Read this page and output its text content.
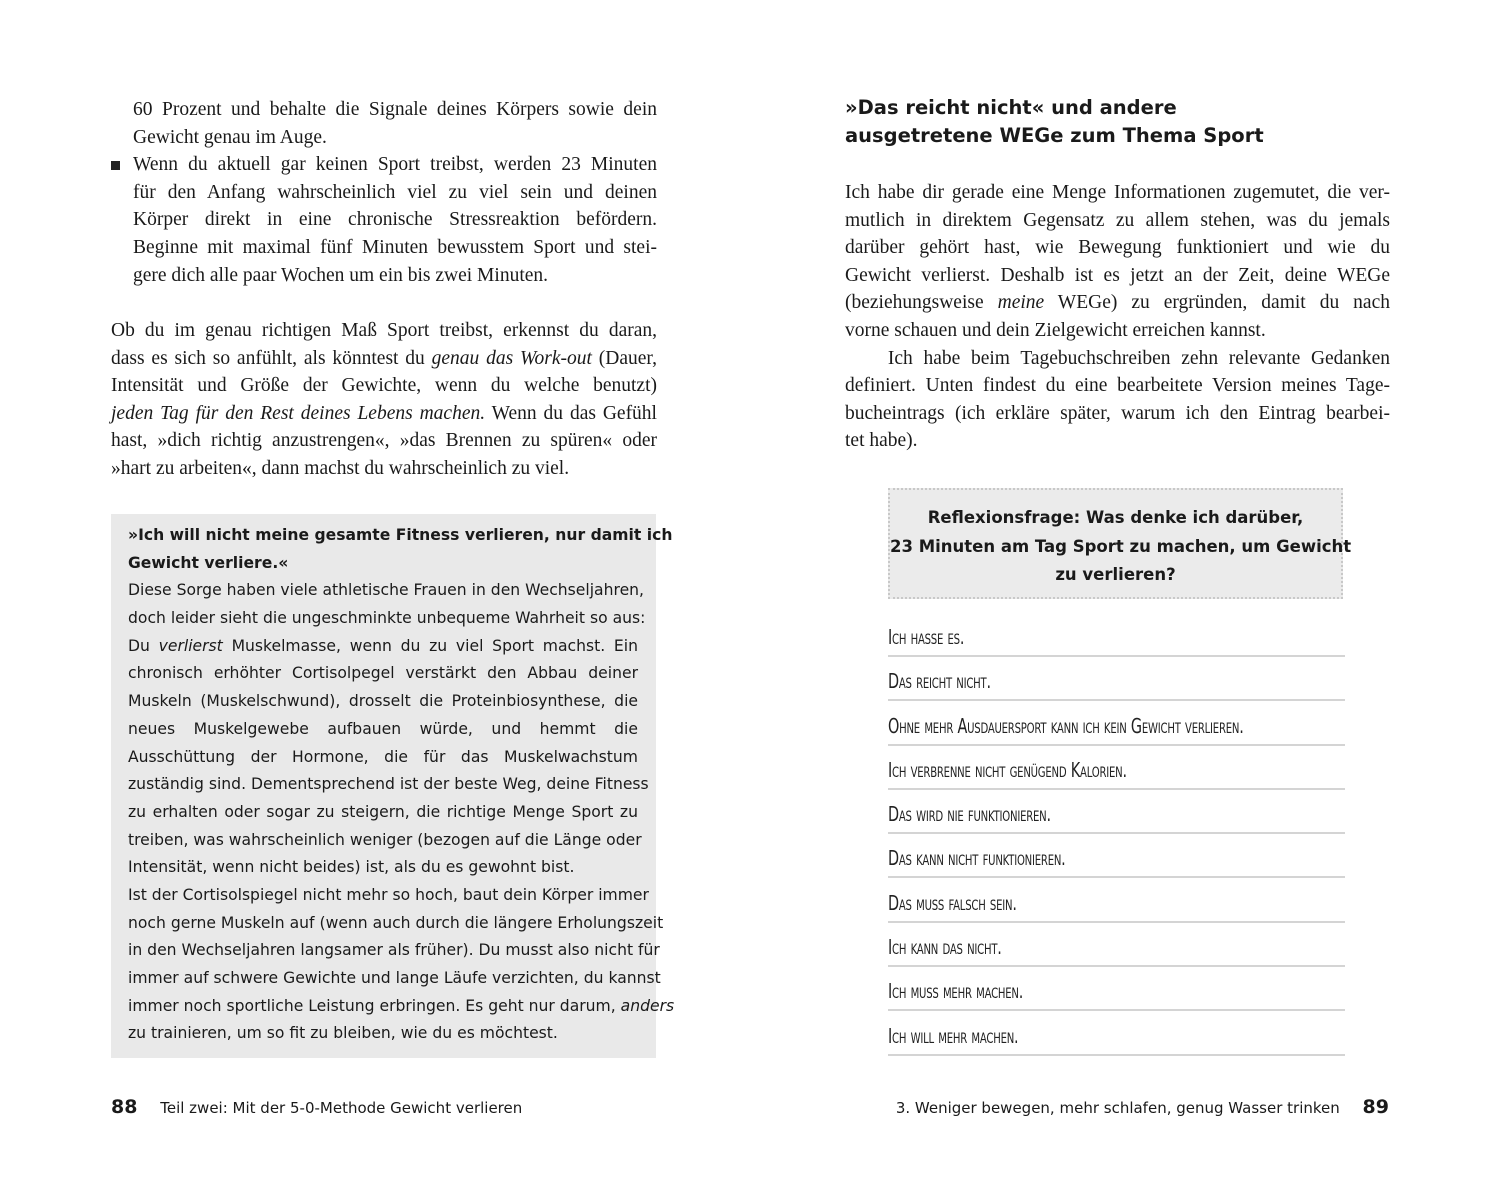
60 Prozent und behalte die Signale deines Körpers sowie dein
Gewicht genau im Auge.
Wenn du aktuell gar keinen Sport treibst, werden 23 Minuten
für den Anfang wahrscheinlich viel zu viel sein und deinen
Körper direkt in eine chronische Stressreaktion befördern.
Beginne mit maximal fünf Minuten bewusstem Sport und stei-
gere dich alle paar Wochen um ein bis zwei Minuten.
Ob du im genau richtigen Maß Sport treibst, erkennst du daran,
dass es sich so anfühlt, als könntest du genau das Work-out (Dauer,
Intensität und Größe der Gewichte, wenn du welche benutzt)
jeden Tag für den Rest deines Lebens machen. Wenn du das Gefühl
hast, »dich richtig anzustrengen«, »das Brennen zu spüren« oder
»hart zu arbeiten«, dann machst du wahrscheinlich zu viel.
»Ich will nicht meine gesamte Fitness verlieren, nur damit ich
Gewicht verliere.«
Diese Sorge haben viele athletische Frauen in den Wechseljahren,
doch leider sieht die ungeschminkte unbequeme Wahrheit so aus:
Du verlierst Muskelmasse, wenn du zu viel Sport machst. Ein
chronisch erhöhter Cortisolpegel verstärkt den Abbau deiner
Muskeln (Muskelschwund), drosselt die Proteinbiosynthese, die
neues Muskelgewebe aufbauen würde, und hemmt die
Ausschüttung der Hormone, die für das Muskelwachstum
zuständig sind. Dementsprechend ist der beste Weg, deine Fitness
zu erhalten oder sogar zu steigern, die richtige Menge Sport zu
treiben, was wahrscheinlich weniger (bezogen auf die Länge oder
Intensität, wenn nicht beides) ist, als du es gewohnt bist.
Ist der Cortisolspiegel nicht mehr so hoch, baut dein Körper immer
noch gerne Muskeln auf (wenn auch durch die längere Erholungszeit
in den Wechseljahren langsamer als früher). Du musst also nicht für
immer auf schwere Gewichte und lange Läufe verzichten, du kannst
immer noch sportliche Leistung erbringen. Es geht nur darum, anders
zu trainieren, um so fit zu bleiben, wie du es möchtest.
88 Teil zwei: Mit der 5-0-Methode Gewicht verlieren
»Das reicht nicht« und andere
ausgetretene WEGe zum Thema Sport
Ich habe dir gerade eine Menge Informationen zugemutet, die ver-
mutlich in direktem Gegensatz zu allem stehen, was du jemals
darüber gehört hast, wie Bewegung funktioniert und wie du
Gewicht verlierst. Deshalb ist es jetzt an der Zeit, deine WEGe
(beziehungsweise meine WEGe) zu ergründen, damit du nach
vorne schauen und dein Zielgewicht erreichen kannst.
Ich habe beim Tagebuchschreiben zehn relevante Gedanken
definiert. Unten findest du eine bearbeitete Version meines Tage-
bucheintrags (ich erkläre später, warum ich den Eintrag bearbei-
tet habe).
Reflexionsfrage: Was denke ich darüber,
23 Minuten am Tag Sport zu machen, um Gewicht
zu verlieren?
Ich hasse es.
Das reicht nicht.
Ohne mehr Ausdauersport kann ich kein Gewicht verlieren.
Ich verbrenne nicht genügend Kalorien.
Das wird nie funktionieren.
Das kann nicht funktionieren.
Das muss falsch sein.
Ich kann das nicht.
Ich muss mehr machen.
Ich will mehr machen.
3. Weniger bewegen, mehr schlafen, genug Wasser trinken 89
